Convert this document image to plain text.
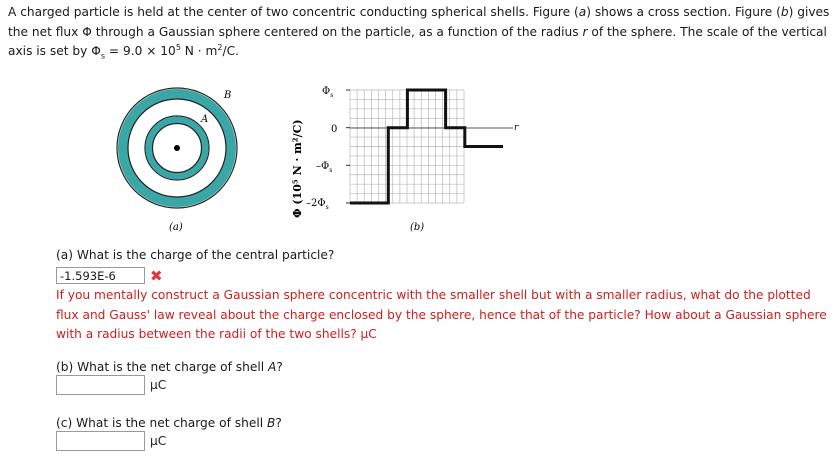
A charged particle is held at the center of two concentric conducting spherical shells. Figure (a) shows a cross section. Figure (b) gives the net flux Φ through a Gaussian sphere centered on the particle, as a function of the radius r of the sphere. The scale of the vertical axis is set by $\Phi_s = 9.0 \times 10^5$ $N \cdot m^2/C$.
B
A
(a)
Φ (10⁵ N · m²/C)
$\Phi_s$
0
$-\Phi_s$
$-2\Phi_s$
r
(b)
(a) What is the charge of the central particle?
-1.593E-6	✖
If you mentally construct a Gaussian sphere concentric with the smaller shell but with a smaller radius, what do the plotted flux and Gauss' law reveal about the charge enclosed by the sphere, hence that of the particle? How about a Gaussian sphere with a radius between the radii of the two shells? μC
(b) What is the net charge of shell A?
μC
(c) What is the net charge of shell B?
μC
